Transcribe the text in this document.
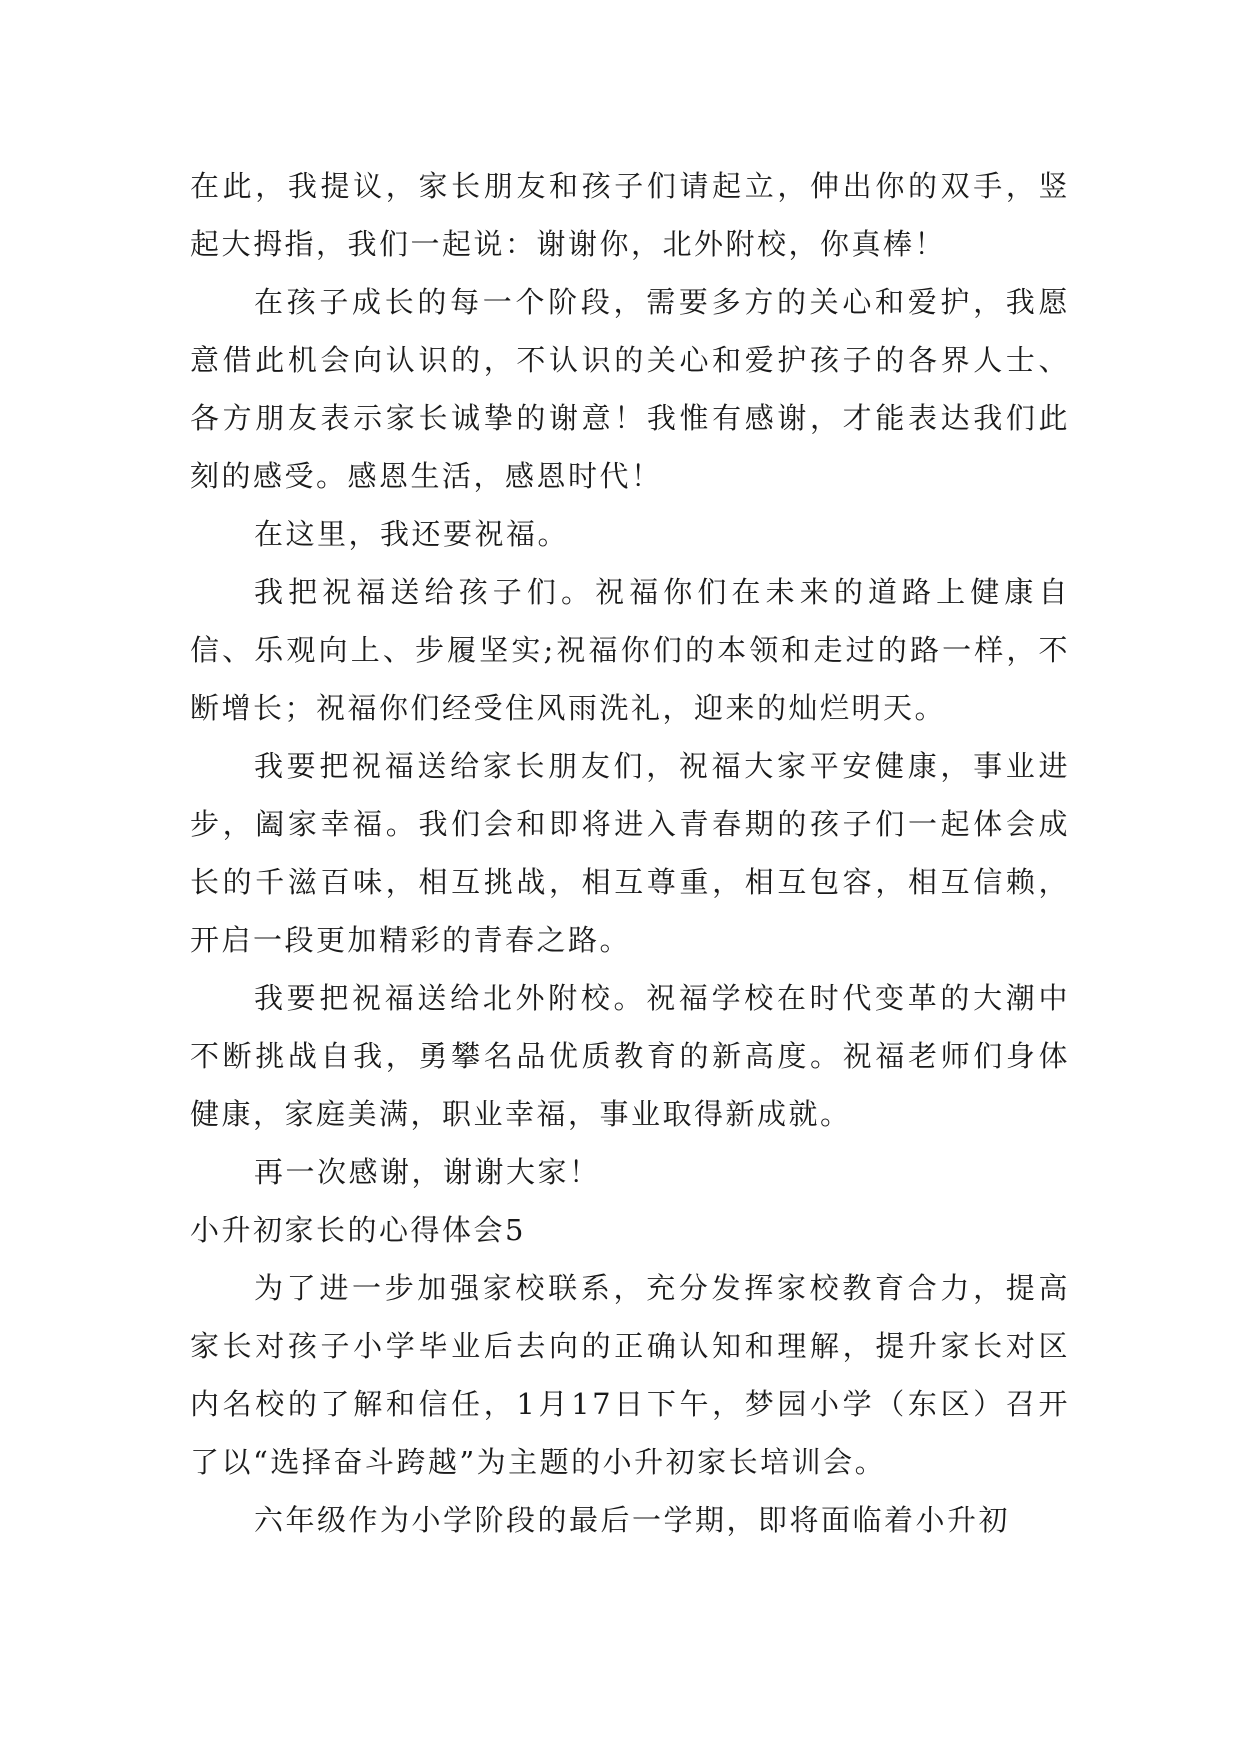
在此，我提议，家长朋友和孩子们请起立，伸出你的双手，竖起大拇指，我们一起说：谢谢你，北外附校，你真棒！

在孩子成长的每一个阶段，需要多方的关心和爱护，我愿意借此机会向认识的，不认识的关心和爱护孩子的各界人士、各方朋友表示家长诚挚的谢意！我惟有感谢，才能表达我们此刻的感受。感恩生活，感恩时代！

在这里，我还要祝福。

我把祝福送给孩子们。祝福你们在未来的道路上健康自信、乐观向上、步履坚实;祝福你们的本领和走过的路一样，不断增长；祝福你们经受住风雨洗礼，迎来的灿烂明天。

我要把祝福送给家长朋友们，祝福大家平安健康，事业进步，阖家幸福。我们会和即将进入青春期的孩子们一起体会成长的千滋百味，相互挑战，相互尊重，相互包容，相互信赖，开启一段更加精彩的青春之路。

我要把祝福送给北外附校。祝福学校在时代变革的大潮中不断挑战自我，勇攀名品优质教育的新高度。祝福老师们身体健康，家庭美满，职业幸福，事业取得新成就。

再一次感谢，谢谢大家！

小升初家长的心得体会5

为了进一步加强家校联系，充分发挥家校教育合力，提高家长对孩子小学毕业后去向的正确认知和理解，提升家长对区内名校的了解和信任，1月17日下午，梦园小学（东区）召开了以“选择奋斗跨越”为主题的小升初家长培训会。

六年级作为小学阶段的最后一学期，即将面临着小升初
